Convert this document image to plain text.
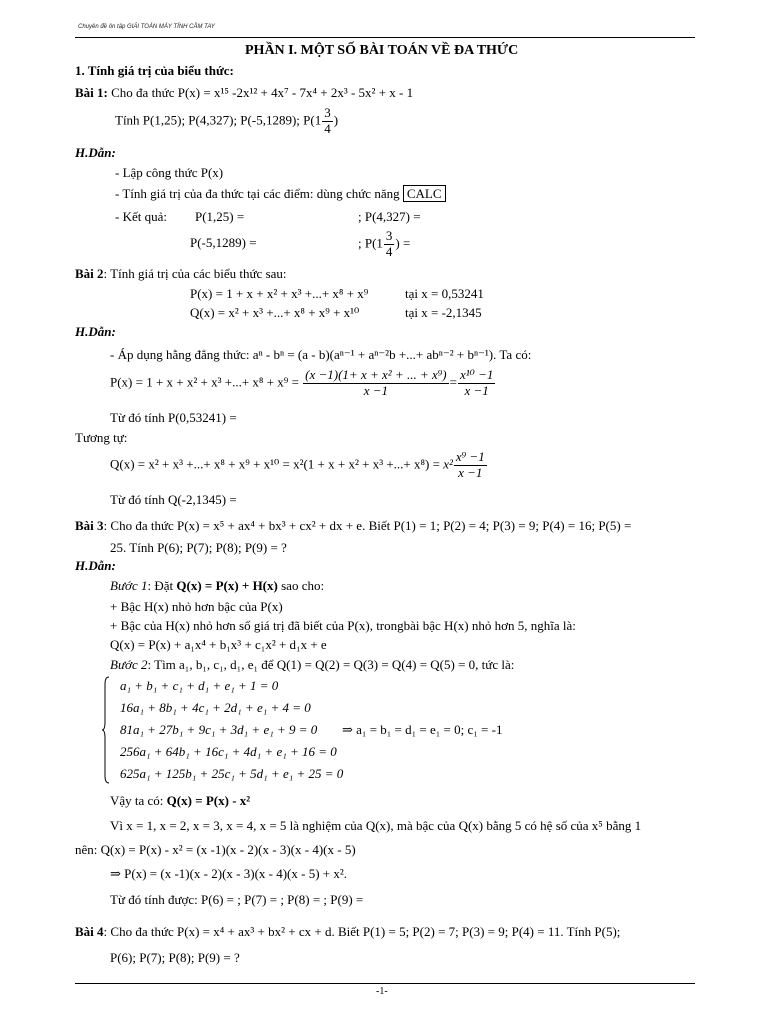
Chuyên đề ôn tập GIẢI TOÁN MÁY TÍNH CẦM TAY
PHẦN I. MỘT SỐ BÀI TOÁN VỀ ĐA THỨC
1. Tính giá trị của biểu thức:
Bài 1: Cho đa thức P(x) = x¹⁵ -2x¹² + 4x⁷ - 7x⁴ + 2x³ - 5x² + x - 1
Tính P(1,25); P(4,327); P(-5,1289); $P(1 \frac{3}{4}$ )
H.Dẫn:
- Lập công thức P(x)
- Tính giá trị của đa thức tại các điểm: dùng chức năng CALC
- Kết quả: P(1,25) =	; P(4,327) =
P(-5,1289) =	; $P(1 \frac{3}{4}$ ) =
Bài 2: Tính giá trị của các biểu thức sau:
P(x) = 1 + x + x² + x³ +...+ x⁸ + x⁹	tại x = 0,53241
Q(x) = x² + x³ +...+ x⁸ + x⁹ + x¹⁰	tại x = -2,1345
H.Dẫn:
- Áp dụng hằng đẳng thức: aⁿ - bⁿ = (a - b)(aⁿ⁻¹ + aⁿ⁻²b +...+ abⁿ⁻² + bⁿ⁻¹). Ta có:
P(x) = 1 + x + x² + x³ +...+ $x^8 + x^9 = \frac{\text{(x −1)(1+ x + x² + ... + x⁹)}}{x -1} = \frac{\text{x¹⁰ −1}}{x -1}$
Từ đó tính P(0,53241) =
Tương tự:
Q(x) = x² + x³ +...+ x⁸ + x⁹ + x¹⁰ = x²(1 + x + x² + x³ +...+ $x^8) = x^2 \frac{\text{x⁹ −1}}{x -1}$
Từ đó tính Q(-2,1345) =
Bài 3: Cho đa thức P(x) = x⁵ + ax⁴ + bx³ + cx² + dx + e. Biết P(1) = 1; P(2) = 4; P(3) = 9; P(4) = 16; P(5) =
25. Tính P(6); P(7); P(8); P(9) = ?
H.Dẫn:
Bước 1: Đặt Q(x) = P(x) + H(x) sao cho:
+ Bậc H(x) nhỏ hơn bậc của P(x)
+ Bậc của H(x) nhỏ hơn số giá trị đã biết của P(x), trongbài bậc H(x) nhỏ hơn 5, nghĩa là:
Q(x) = P(x) + a₁x⁴ + b₁x³ + c₁x² + d₁x + e
Bước 2: Tìm a₁, b₁, c₁, d₁, e₁ để Q(1) = Q(2) = Q(3) = Q(4) = Q(5) = 0, tức là:
a₁ + b₁ + c₁ + d₁ + e₁ + 1 = 0
16a₁ + 8b₁ + 4c₁ + 2d₁ + e₁ + 4 = 0
81a₁ + 27b₁ + 9c₁ + 3d₁ + e₁ + 9 = 0
256a₁ + 64b₁ + 16c₁ + 4d₁ + e₁ + 16 = 0
625a₁ + 125b₁ + 25c₁ + 5d₁ + e₁ + 25 = 0
⇒ a₁ = b₁ = d₁ = e₁ = 0; c₁ = -1
Vậy ta có: Q(x) = P(x) - x²
Vì x = 1, x = 2, x = 3, x = 4, x = 5 là nghiệm của Q(x), mà bậc của Q(x) bằng 5 có hệ số của x⁵ bằng 1
nên: Q(x) = P(x) - x² = (x -1)(x - 2)(x - 3)(x - 4)(x - 5)
⇒ P(x) = (x -1)(x - 2)(x - 3)(x - 4)(x - 5) + x².
Từ đó tính được: P(6) = ; P(7) = ; P(8) = ; P(9) =
Bài 4: Cho đa thức P(x) = x⁴ + ax³ + bx² + cx + d. Biết P(1) = 5; P(2) = 7; P(3) = 9; P(4) = 11. Tính P(5);
P(6); P(7); P(8); P(9) = ?
-1-
